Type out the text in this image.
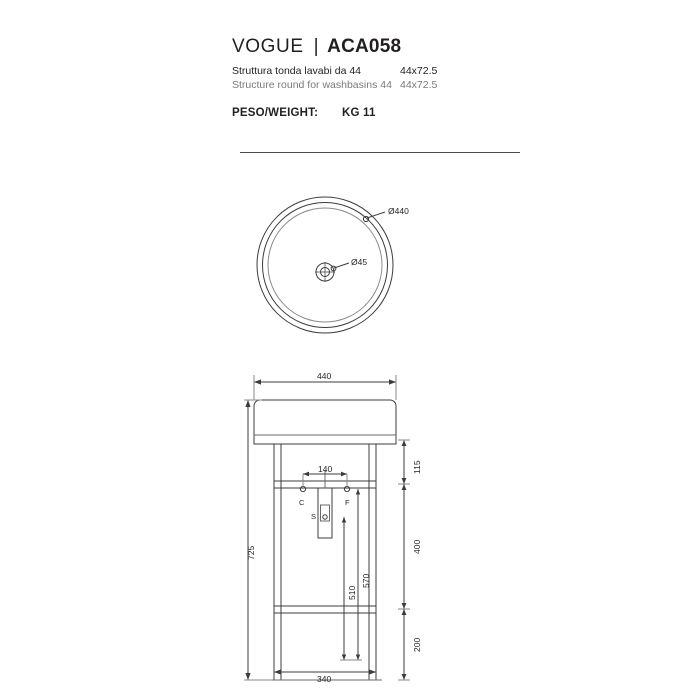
VOGUE | ACA058
Struttura tonda lavabi da 44	44x72.5
Structure round for washbasins 44 44x72.5
PESO/WEIGHT:	KG 11
Ø440
Ø45
440
340
140
725
115
400
200
570
510
C	F
S
